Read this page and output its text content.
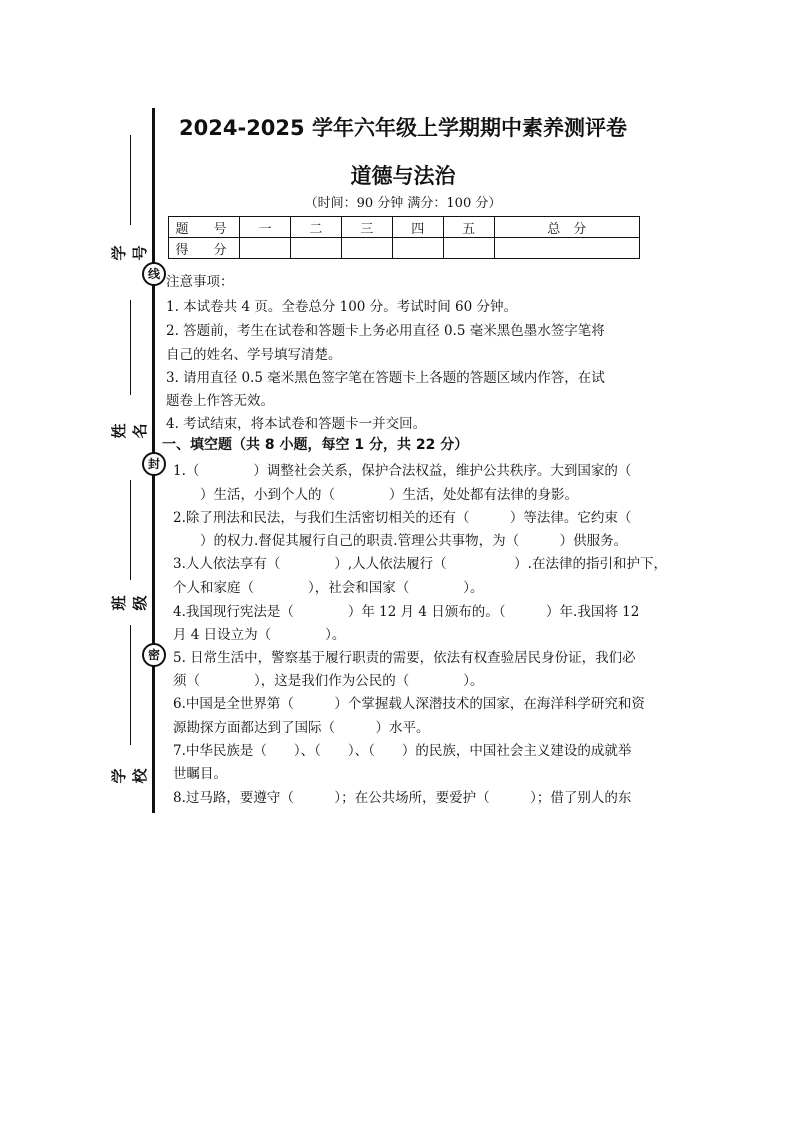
学号
线
姓名
封
班级
密
学校
2024-2025 学年六年级上学期期中素养测评卷
道德与法治
（时间：90 分钟 满分：100 分）
题　号	一	二	三	四	五	总　分
得　分						
注意事项：
1. 本试卷共 4 页。全卷总分 100 分。考试时间 60 分钟。
2. 答题前，考生在试卷和答题卡上务必用直径 0.5 毫米黑色墨水签字笔将
自己的姓名、学号填写清楚。
3. 请用直径 0.5 毫米黑色签字笔在答题卡上各题的答题区域内作答，在试
题卷上作答无效。
4. 考试结束，将本试卷和答题卡一并交回。
一、填空题（共 8 小题，每空 1 分，共 22 分）
1.（　　　　）调整社会关系，保护合法权益，维护公共秩序。大到国家的（
　　）生活，小到个人的（　　　　）生活，处处都有法律的身影。
2.除了刑法和民法，与我们生活密切相关的还有（　　　）等法律。它约束（
　　）的权力.督促其履行自己的职责.管理公共事物，为（　　　）供服务。
3.人人依法享有（　　　　）,人人依法履行（　　　　　）.在法律的指引和护下，
个人和家庭（　　　　），社会和国家（　　　　）。
4.我国现行宪法是（　　　　）年 12 月 4 日颁布的。（　　　）年.我国将 12
月 4 日设立为（　　　　）。
5. 日常生活中，警察基于履行职责的需要，依法有权查验居民身份证，我们必
须（　　　　），这是我们作为公民的（　　　　）。
6.中国是全世界第（　　　）个掌握载人深潜技术的国家，在海洋科学研究和资
源勘探方面都达到了国际（　　　）水平。
7.中华民族是（　　）、（　　）、（　　）的民族，中国社会主义建设的成就举
世瞩目。
8.过马路，要遵守（　　　）；在公共场所，要爱护（　　　）；借了别人的东
